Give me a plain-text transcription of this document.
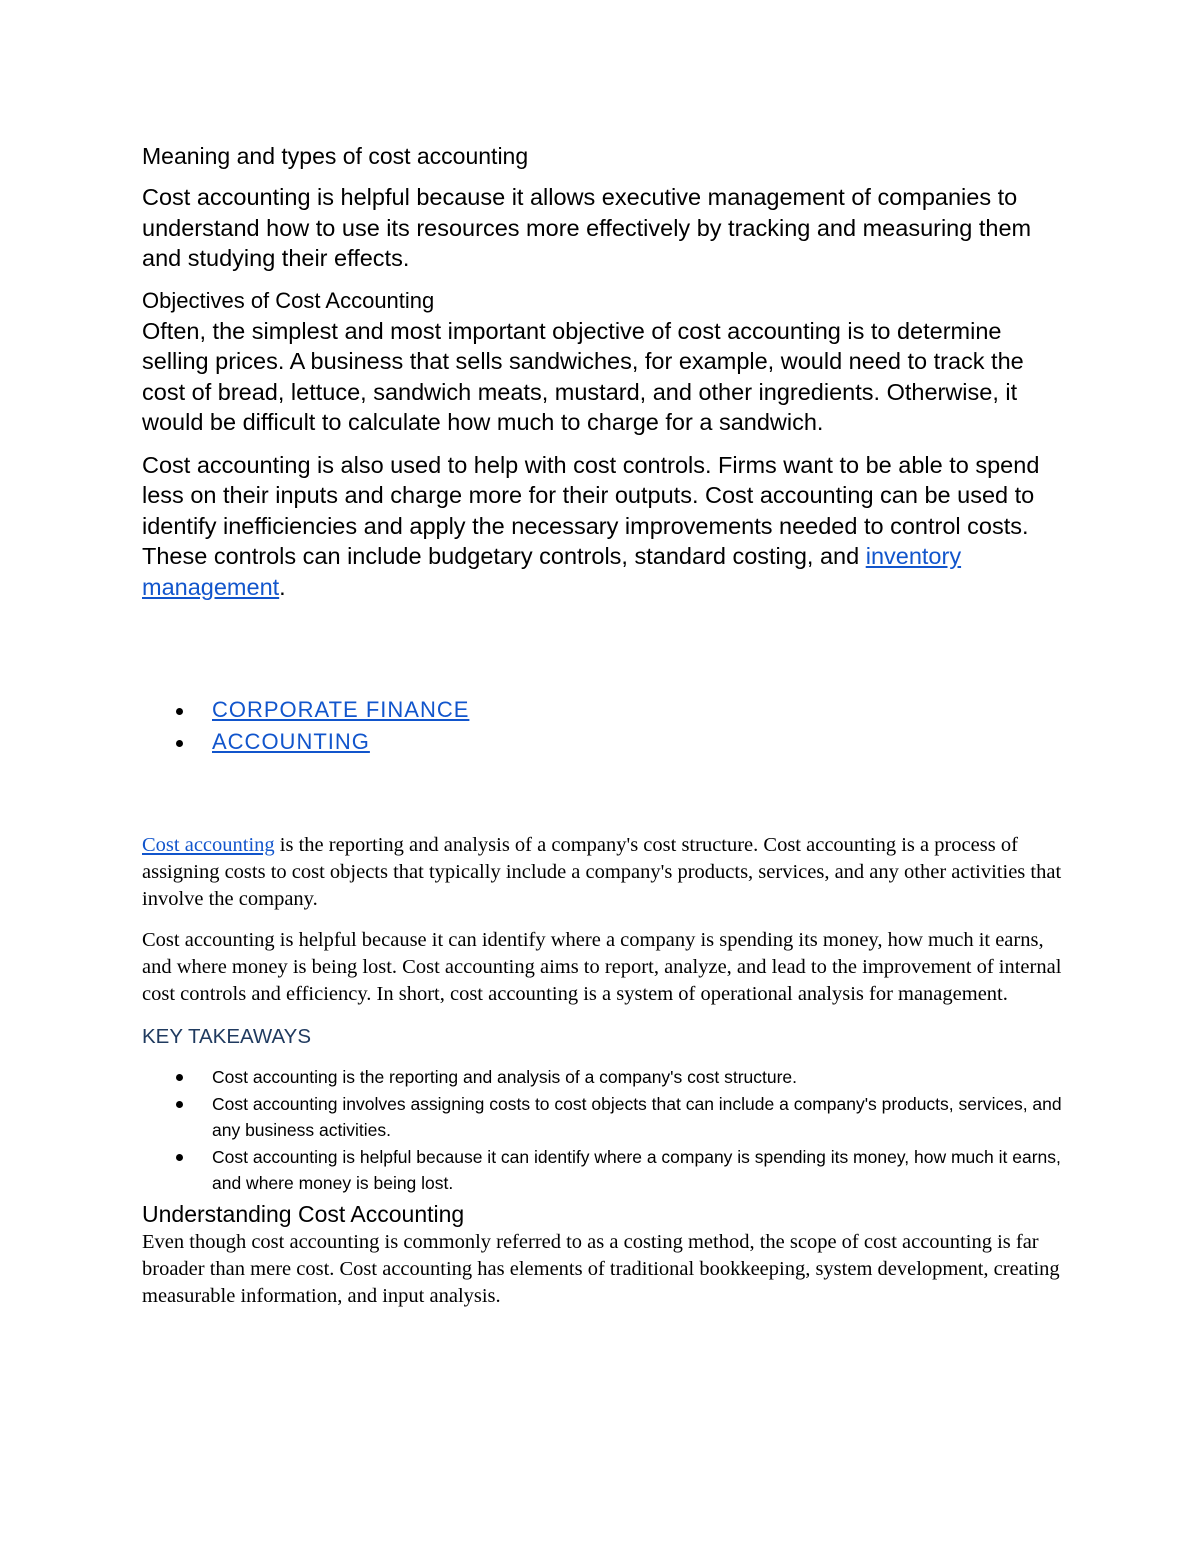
Meaning and types of cost accounting

Cost accounting is helpful because it allows executive management of companies to understand how to use its resources more effectively by tracking and measuring them and studying their effects.

Objectives of Cost Accounting

Often, the simplest and most important objective of cost accounting is to determine selling prices. A business that sells sandwiches, for example, would need to track the cost of bread, lettuce, sandwich meats, mustard, and other ingredients. Otherwise, it would be difficult to calculate how much to charge for a sandwich.

Cost accounting is also used to help with cost controls. Firms want to be able to spend less on their inputs and charge more for their outputs. Cost accounting can be used to identify inefficiencies and apply the necessary improvements needed to control costs. These controls can include budgetary controls, standard costing, and inventory management.

CORPORATE FINANCE
ACCOUNTING

Cost accounting is the reporting and analysis of a company's cost structure. Cost accounting is a process of assigning costs to cost objects that typically include a company's products, services, and any other activities that involve the company.

Cost accounting is helpful because it can identify where a company is spending its money, how much it earns, and where money is being lost. Cost accounting aims to report, analyze, and lead to the improvement of internal cost controls and efficiency. In short, cost accounting is a system of operational analysis for management.

KEY TAKEAWAYS
Cost accounting is the reporting and analysis of a company's cost structure.
Cost accounting involves assigning costs to cost objects that can include a company's products, services, and any business activities.
Cost accounting is helpful because it can identify where a company is spending its money, how much it earns, and where money is being lost.
Understanding Cost Accounting

Even though cost accounting is commonly referred to as a costing method, the scope of cost accounting is far broader than mere cost. Cost accounting has elements of traditional bookkeeping, system development, creating measurable information, and input analysis.
